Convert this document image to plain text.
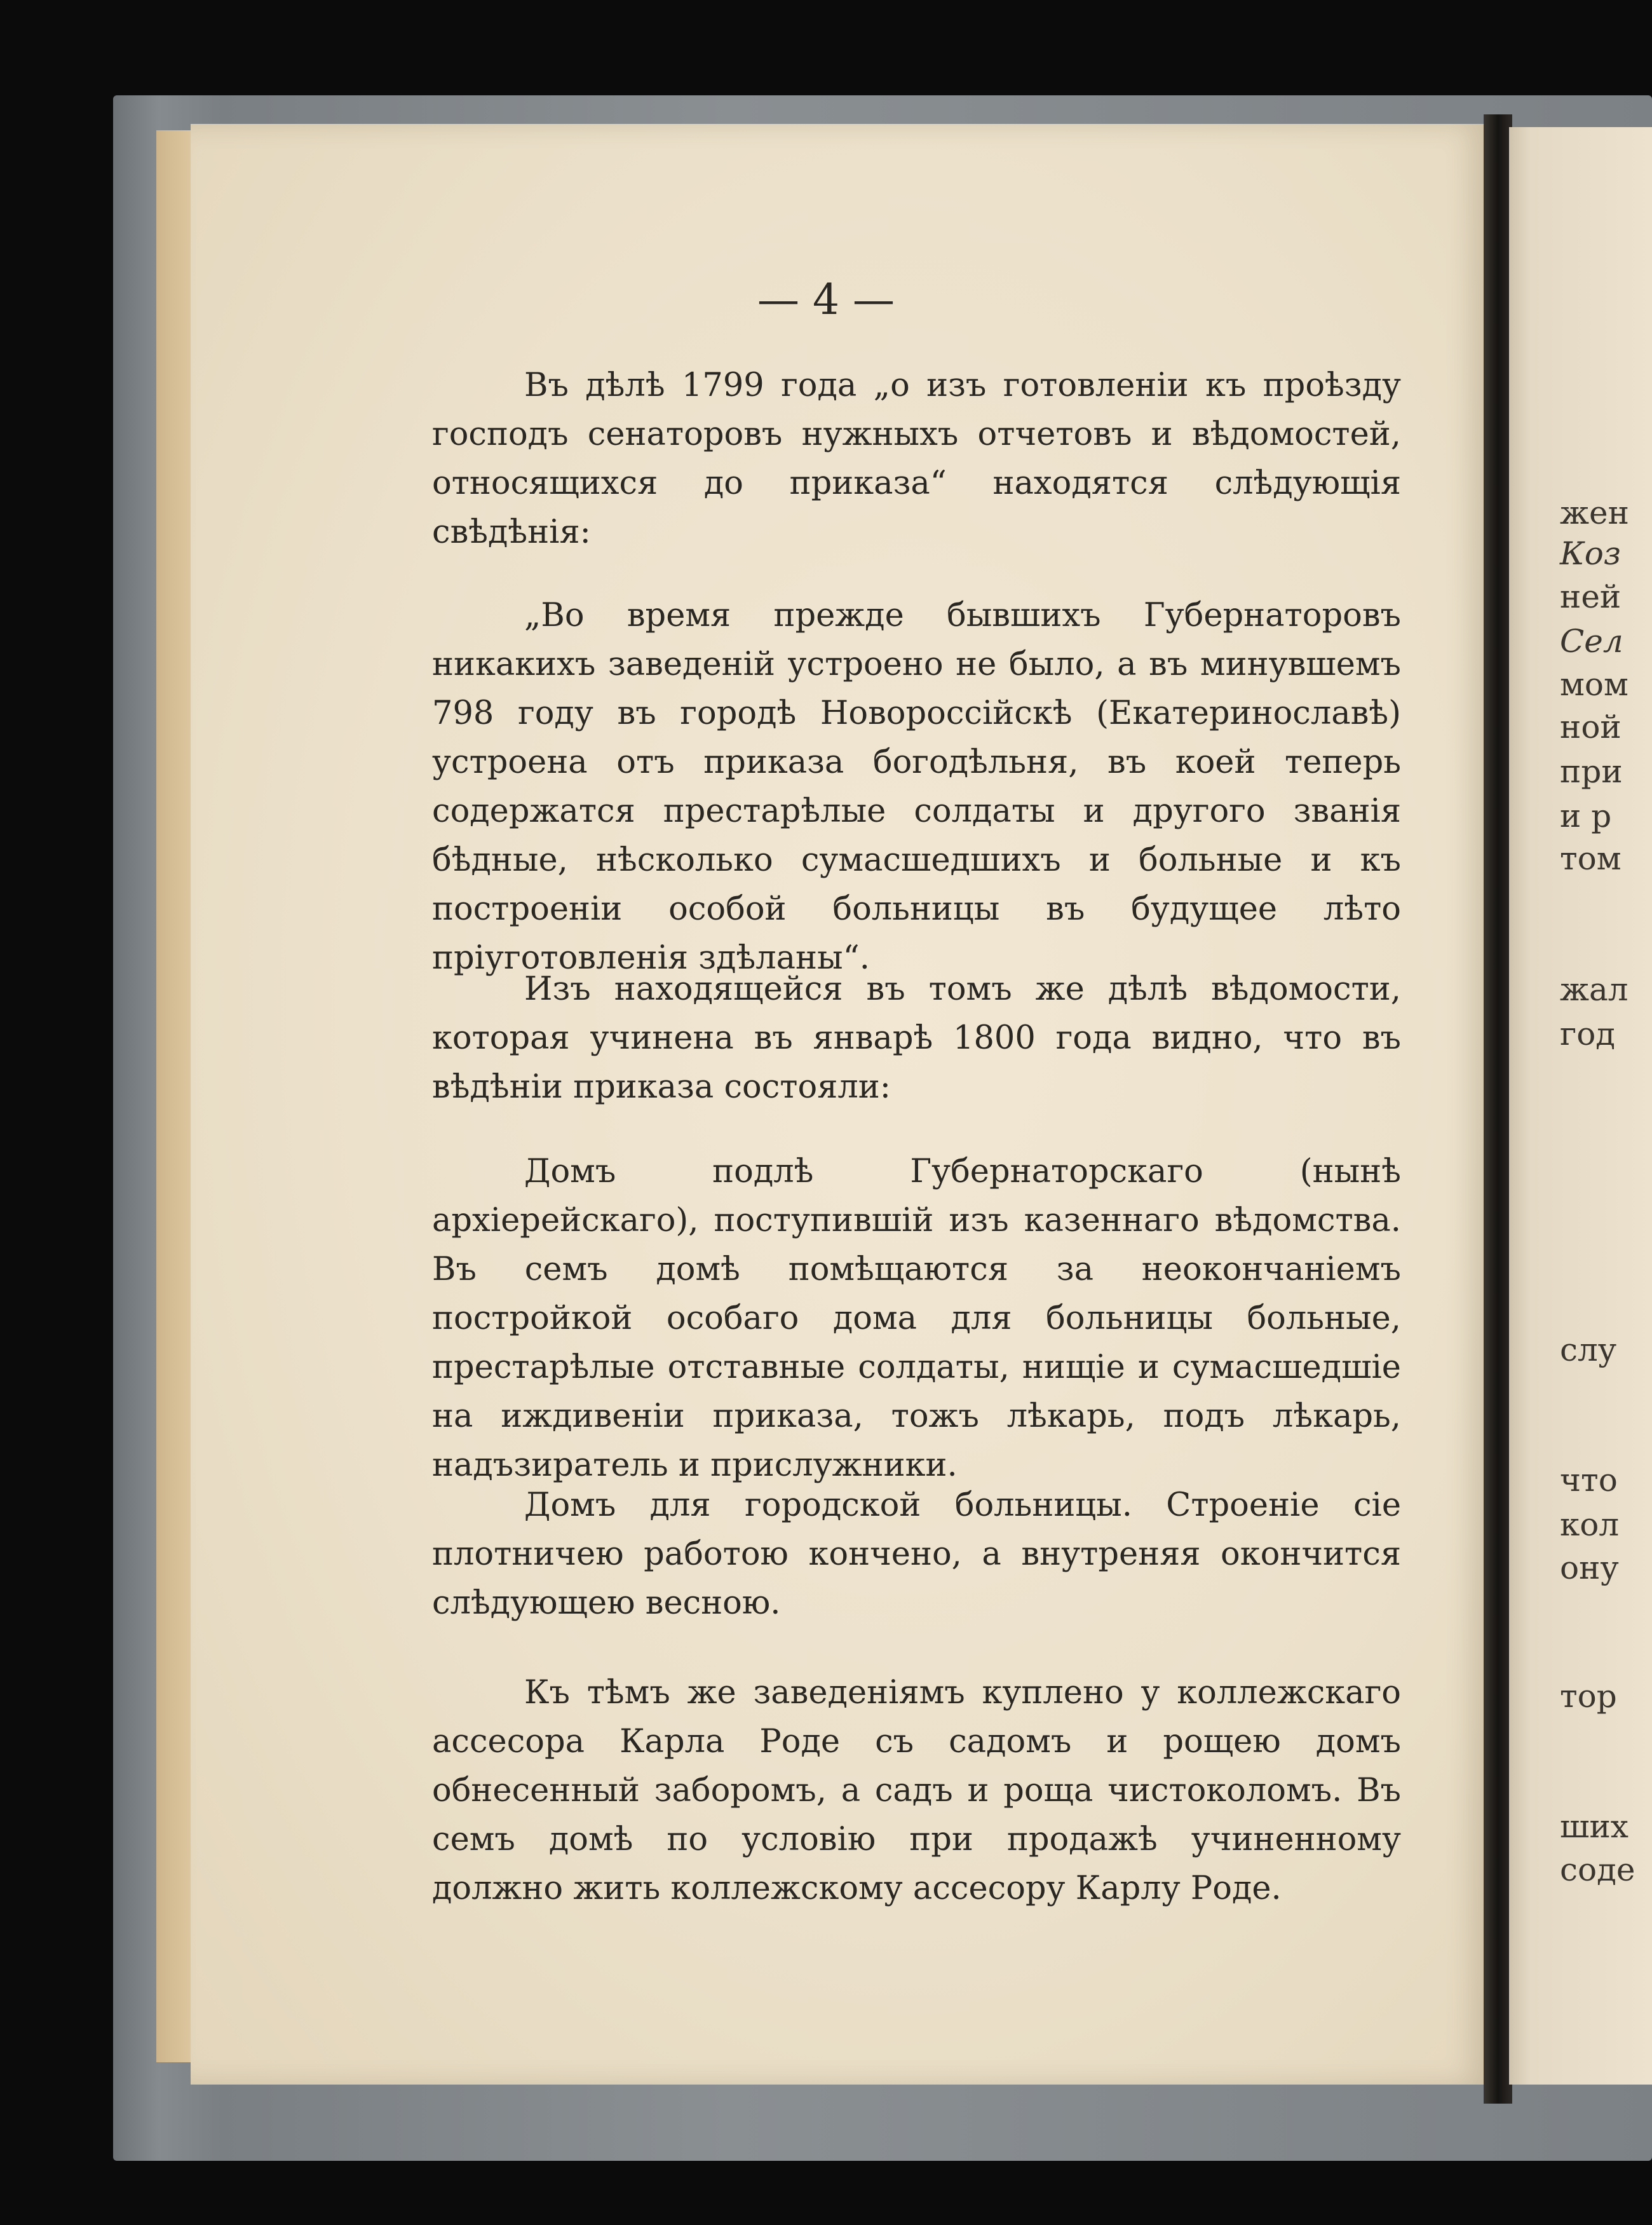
жен
Коз
ней
Сел
мом
ной
при
и р
том
жал
год
слу
что
кол
ону
тор
ших
соде
— 4 —
Въ дѣлѣ 1799 года „о изъ готовленіи къ проѣзду господъ сенаторовъ нужныхъ отчетовъ и вѣдомостей, относящихся до приказа“ находятся слѣдующія свѣдѣнія:
„Во время прежде бывшихъ Губернаторовъ никакихъ заведеній устроено не было, а въ минувшемъ 798 году въ городѣ Новороссійскѣ (Екатеринославѣ) устроена отъ приказа богодѣльня, въ коей теперь содержатся престарѣлые солдаты и другого званія бѣдные, нѣсколько сумасшедшихъ и больные и къ построеніи особой больницы въ будущее лѣто пріуготовленія здѣланы“.
Изъ находящейся въ томъ же дѣлѣ вѣдомости, которая учинена въ январѣ 1800 года видно, что въ вѣдѣніи приказа состояли:
Домъ подлѣ Губернаторскаго (нынѣ архіерейскаго), поступившій изъ казеннаго вѣдомства. Въ семъ домѣ помѣщаются за неокончаніемъ постройкой особаго дома для больницы больные, престарѣлые отставные солдаты, нищіе и сумасшедшіе на иждивеніи приказа, тожъ лѣкарь, подъ лѣкарь, надъзиратель и прислужники.
Домъ для городской больницы. Строеніе сіе плотничею работою кончено, а внутреняя окончится слѣдующею весною.
Къ тѣмъ же заведеніямъ куплено у коллежскаго ассесора Карла Роде съ садомъ и рощею домъ обнесенный заборомъ, а садъ и роща чистоколомъ. Въ семъ домѣ по условію при продажѣ учиненному должно жить коллежскому ассесору Карлу Роде.
